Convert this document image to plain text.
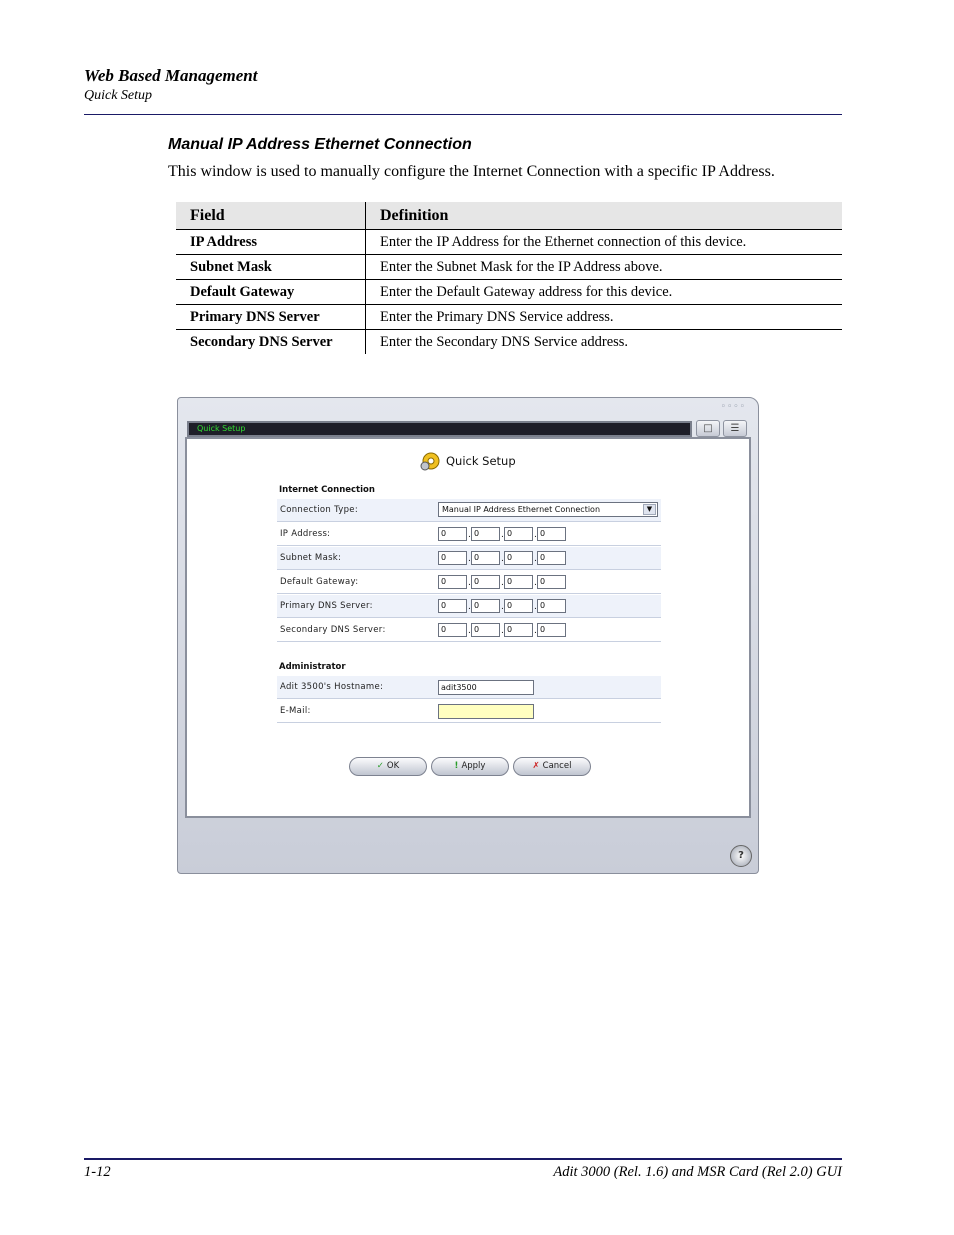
Web Based Management
Quick Setup
Manual IP Address Ethernet Connection
This window is used to manually configure the Internet Connection with a specific IP Address.
Field	Definition
IP Address	Enter the IP Address for the Ethernet connection of this device.
Subnet Mask	Enter the Subnet Mask for the IP Address above.
Default Gateway	Enter the Default Gateway address for this device.
Primary DNS Server	Enter the Primary DNS Service address.
Secondary DNS Server	Enter the Secondary DNS Service address.
◦◦◦◦
Quick Setup	□	☰
Quick Setup
Internet Connection
Connection Type:	Manual IP Address Ethernet Connection	▼
IP Address:	0	. 0	. 0	. 0
Subnet Mask:	0	. 0	. 0	. 0
Default Gateway:	0	. 0	. 0	. 0
Primary DNS Server:	0	. 0	. 0	. 0
Secondary DNS Server:	0	. 0	. 0	. 0
Administrator
Adit 3500's Hostname:	adit3500
E-Mail:
✓ OK	! Apply	✗ Cancel
?
1-12	Adit 3000 (Rel. 1.6) and MSR Card (Rel 2.0) GUI
